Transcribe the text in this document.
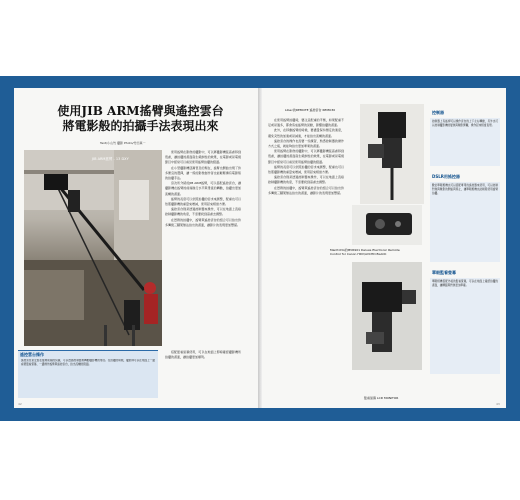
使用JIB ARM搖臂與遙控雲台
將電影般的拍攝手法表現出來
Text/小山竹 攝影 Photo/竹田真一
JIB ARM搖臂 - 13 DXY
使用搖臂在影像的攝影中，可以將攝影機從高處移到低處，讓拍攝的畫面產生戲劇性的效果，在電影或是電視節目中經常可以看見使用搖臂拍攝的鏡頭。
在小型攝影機逐漸普及的現在，搖臂也開始出現了許多便宜的選擇，讓一般的影像創作者也能輕鬆擁有電影般的拍攝手法。
這次所介紹的JIB ARM搖臂，可以搭配遙控雲台，讓攝影機在搖臂的前端進行水平與垂直的轉動，拍攝出更加流暢的畫面。
搖臂的長度可以依照拍攝的需求來調整，配重也可以依照攝影機的重量來增減，使用起來相當方便。
遙控雲台則是透過控制器來操作，可以在地面上直接控制攝影機的角度，不需要爬到高處去調整。
在實際的拍攝中，搖臂與遙控雲台的組合可以拍出許多傳統三腳架無法拍出的畫面，讓影片的表現更加豐富。
遙控雲台操作
遙控雲台是安裝在搖臂前端的設備，可以透過控制器來轉動攝影機的角度。在拍攝的時候，攝影師可以在地面上一邊看著監看螢幕，一邊操作搖臂與遙控雲台，拍出流暢的鏡頭。
搭配監看螢幕使用，可以在地面上即時確認攝影機所拍攝的畫面，讓拍攝更加順利。
在使用搖臂拍攝時，要注意配重的平衡，如果配重不足或是過多，都會造成搖臂的晃動，影響拍攝的畫面。
此外，在移動搖臂的時候，要盡量保持穩定的速度，避免突然的加速或是減速，才能拍出流暢的畫面。
遙控雲台的操作也需要一些練習，熟悉控制器的操作方式之後，就能夠拍出更加專業的畫面。
使用搖臂在影像的攝影中，可以將攝影機從高處移到低處，讓拍攝的畫面產生戲劇性的效果，在電影或是電視節目中經常可以看見使用搖臂拍攝的鏡頭。
搖臂的長度可以依照拍攝的需求來調整，配重也可以依照攝影機的重量來增減，使用起來相當方便。
遙控雲台則是透過控制器來操作，可以在地面上直接控制攝影機的角度，不需要爬到高處去調整。
在實際的拍攝中，搖臂與遙控雲台的組合可以拍出許多傳統三腳架無法拍出的畫面，讓影片的表現更加豐富。
Libec的REMOTE 遙控雲台 REMO30
Manfrotto的MVR901 Deluxe Electronic Remote Control for Canon HDV/AVCHD·BLACK
監看螢幕 LCD MONITOR
控制器
控制器上有搖桿可以操作雲台的上下左右轉動，另外也可以控制攝影機的變焦與錄影開關，操作起來相當直覺。
DSLR用搖控器
數位單眼相機也可以搭配專用的遙控器來使用，可以控制對焦與錄影的開始與停止，讓單眼相機也能輕鬆使用搖臂拍攝。
單眼監看螢幕
單眼相機搭配外接的監看螢幕，可以在地面上確認拍攝的畫面，讓構圖與對焦更加準確。
42	43
